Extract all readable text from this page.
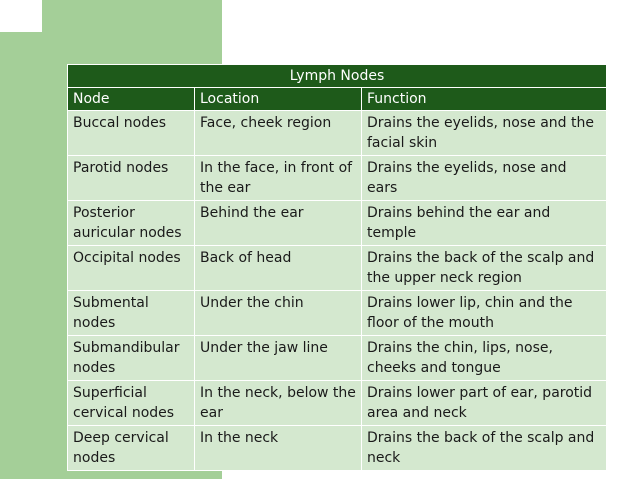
Lymph Nodes		
Node	Location	Function
Buccal nodes	Face, cheek region	Drains the eyelids, nose and the facial skin
Parotid nodes	In the face, in front of the ear	Drains the eyelids, nose and ears
Posterior auricular nodes	Behind the ear	Drains behind the ear and temple
Occipital nodes	Back of head	Drains the back of the scalp and the upper neck region
Submental nodes	Under the chin	Drains lower lip, chin and the floor of the mouth
Submandibular nodes	Under the jaw line	Drains the chin, lips, nose, cheeks and tongue
Superficial cervical nodes	In the neck, below the ear	Drains lower part of ear, parotid area and neck
Deep cervical nodes	In the neck	Drains the back of the scalp and neck
